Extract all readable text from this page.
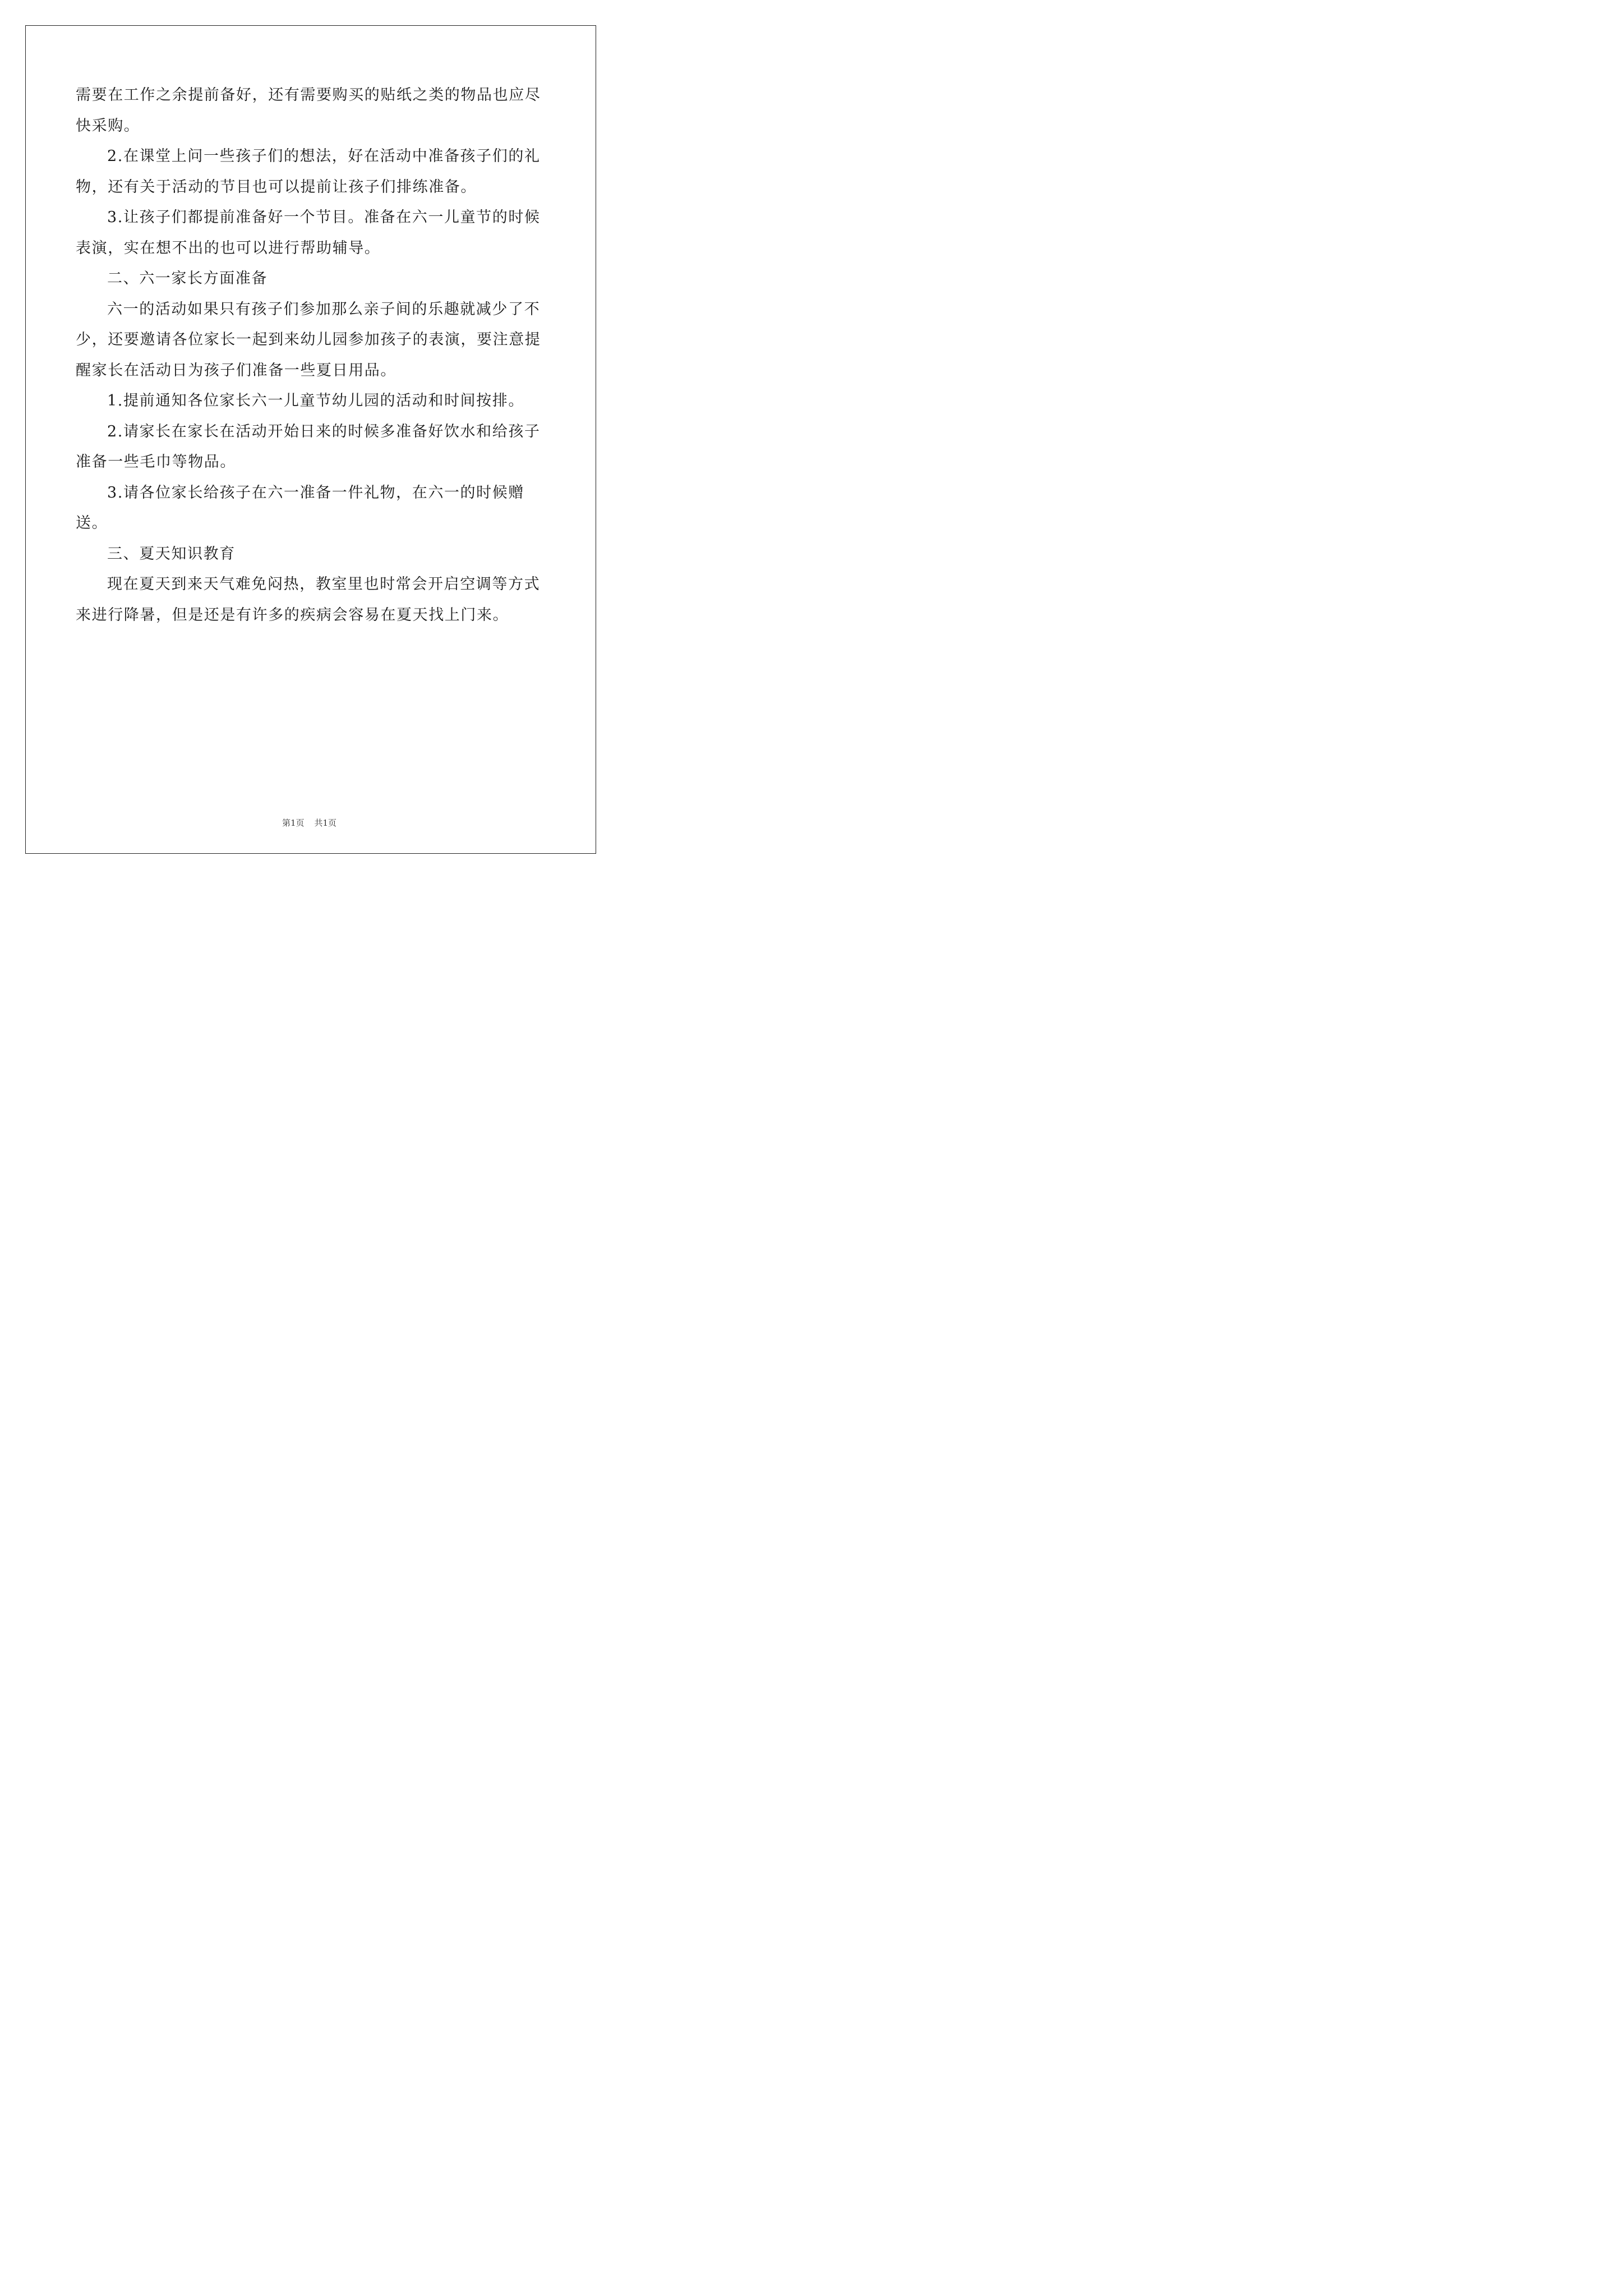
需要在工作之余提前备好，还有需要购买的贴纸之类的物品也应尽快采购。

2.在课堂上问一些孩子们的想法，好在活动中准备孩子们的礼物，还有关于活动的节目也可以提前让孩子们排练准备。

3.让孩子们都提前准备好一个节目。准备在六一儿童节的时候表演，实在想不出的也可以进行帮助辅导。

二、六一家长方面准备

六一的活动如果只有孩子们参加那么亲子间的乐趣就减少了不少，还要邀请各位家长一起到来幼儿园参加孩子的表演，要注意提醒家长在活动日为孩子们准备一些夏日用品。

1.提前通知各位家长六一儿童节幼儿园的活动和时间按排。

2.请家长在家长在活动开始日来的时候多准备好饮水和给孩子准备一些毛巾等物品。

3.请各位家长给孩子在六一准备一件礼物，在六一的时候赠送。

三、夏天知识教育

现在夏天到来天气难免闷热，教室里也时常会开启空调等方式来进行降暑，但是还是有许多的疾病会容易在夏天找上门来。

第1页 共1页
